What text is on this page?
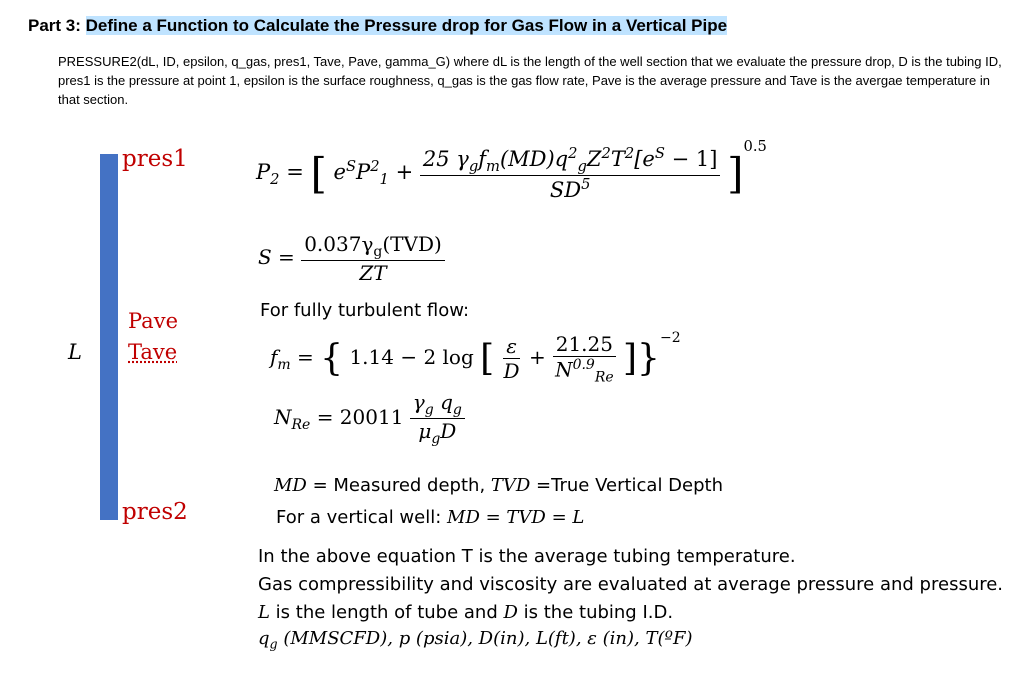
Part 3: Define a Function to Calculate the Pressure drop for Gas Flow in a Vertical Pipe
PRESSURE2(dL, ID, epsilon, q_gas, pres1, Tave, Pave, gamma_G) where dL is the length of the well section that we evaluate the pressure drop, D is the tubing ID, pres1 is the pressure at point 1, epsilon is the surface roughness, q_gas is the gas flow rate, Pave is the average pressure and Tave is the avergae temperature in that section.
pres1
Pave
Tave
pres2
L
$P_2$ = [ $e^SP^2_1 + \frac{25 \gamma_gf_m(MD)q^2_gZ^2T^2[e^S - 1]}{SD^5} ]^{0.5}$
$S = \frac{0.037\gamma_g(TVD)}{ZT}$
For fully turbulent flow:
$f_m$ = { 1.14 − 2 log [ $\frac{\varepsilon}{D} + \frac{21.25}{N^{0.9}_{Re}} ]\}^{-2}$
$N_{Re} = 20011 \frac{\gamma_g q_g}{\mu_gD}$
MD = Measured depth, TVD =True Vertical Depth
For a vertical well: MD = TVD = L
In the above equation T is the average tubing temperature.
Gas compressibility and viscosity are evaluated at average pressure and pressure.
L is the length of tube and D is the tubing I.D.
$q_g$ (MMSCFD), p (psia), D(in), L(ft), ε (in), T(ºF)
